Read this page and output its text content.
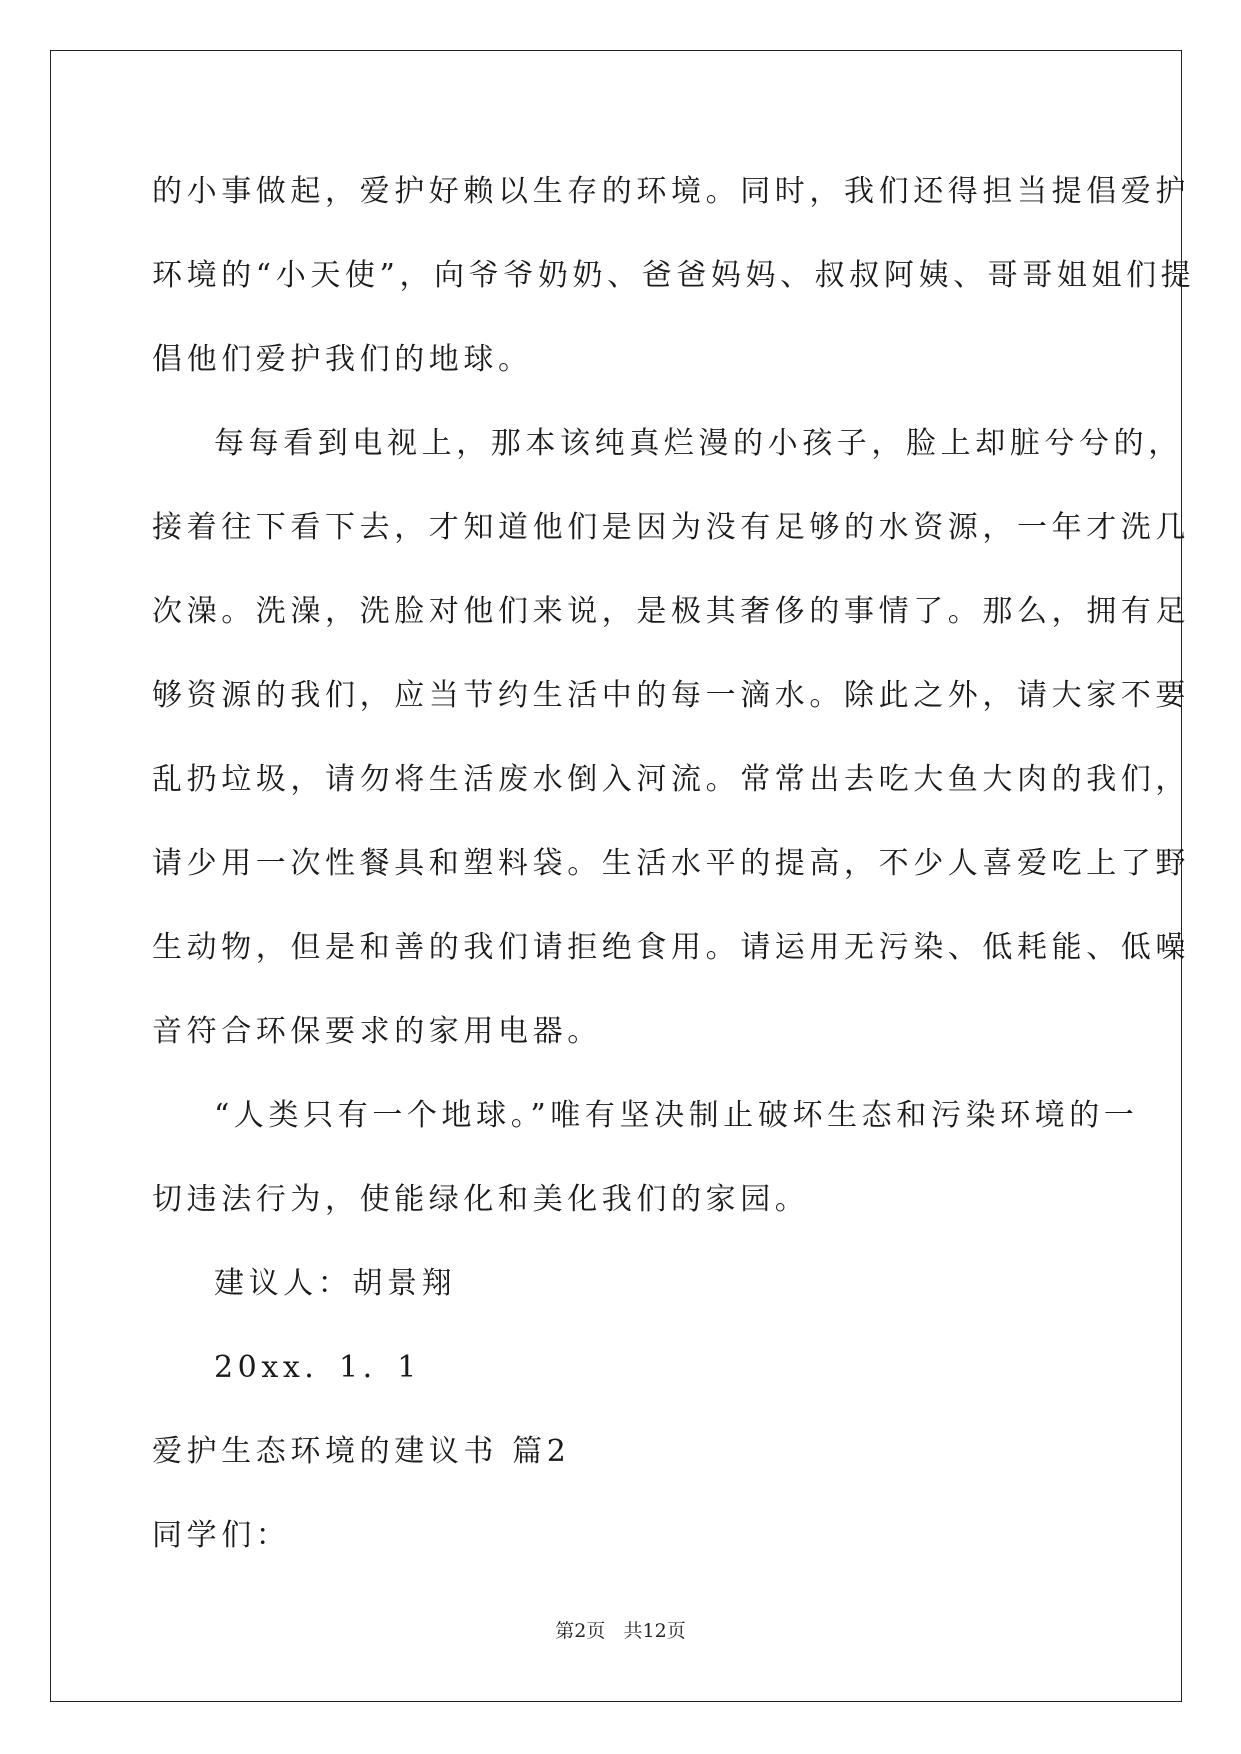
的小事做起，爱护好赖以生存的环境。同时，我们还得担当提倡爱护
环境的“小天使”，向爷爷奶奶、爸爸妈妈、叔叔阿姨、哥哥姐姐们提
倡他们爱护我们的地球。
每每看到电视上，那本该纯真烂漫的小孩子，脸上却脏兮兮的，
接着往下看下去，才知道他们是因为没有足够的水资源，一年才洗几
次澡。洗澡，洗脸对他们来说，是极其奢侈的事情了。那么，拥有足
够资源的我们，应当节约生活中的每一滴水。除此之外，请大家不要
乱扔垃圾，请勿将生活废水倒入河流。常常出去吃大鱼大肉的我们，
请少用一次性餐具和塑料袋。生活水平的提高，不少人喜爱吃上了野
生动物，但是和善的我们请拒绝食用。请运用无污染、低耗能、低噪
音符合环保要求的家用电器。
“人类只有一个地球。”唯有坚决制止破坏生态和污染环境的一
切违法行为，使能绿化和美化我们的家园。
建议人：胡景翔
20xx．1．1
爱护生态环境的建议书 篇2
同学们：
第2页 共12页
